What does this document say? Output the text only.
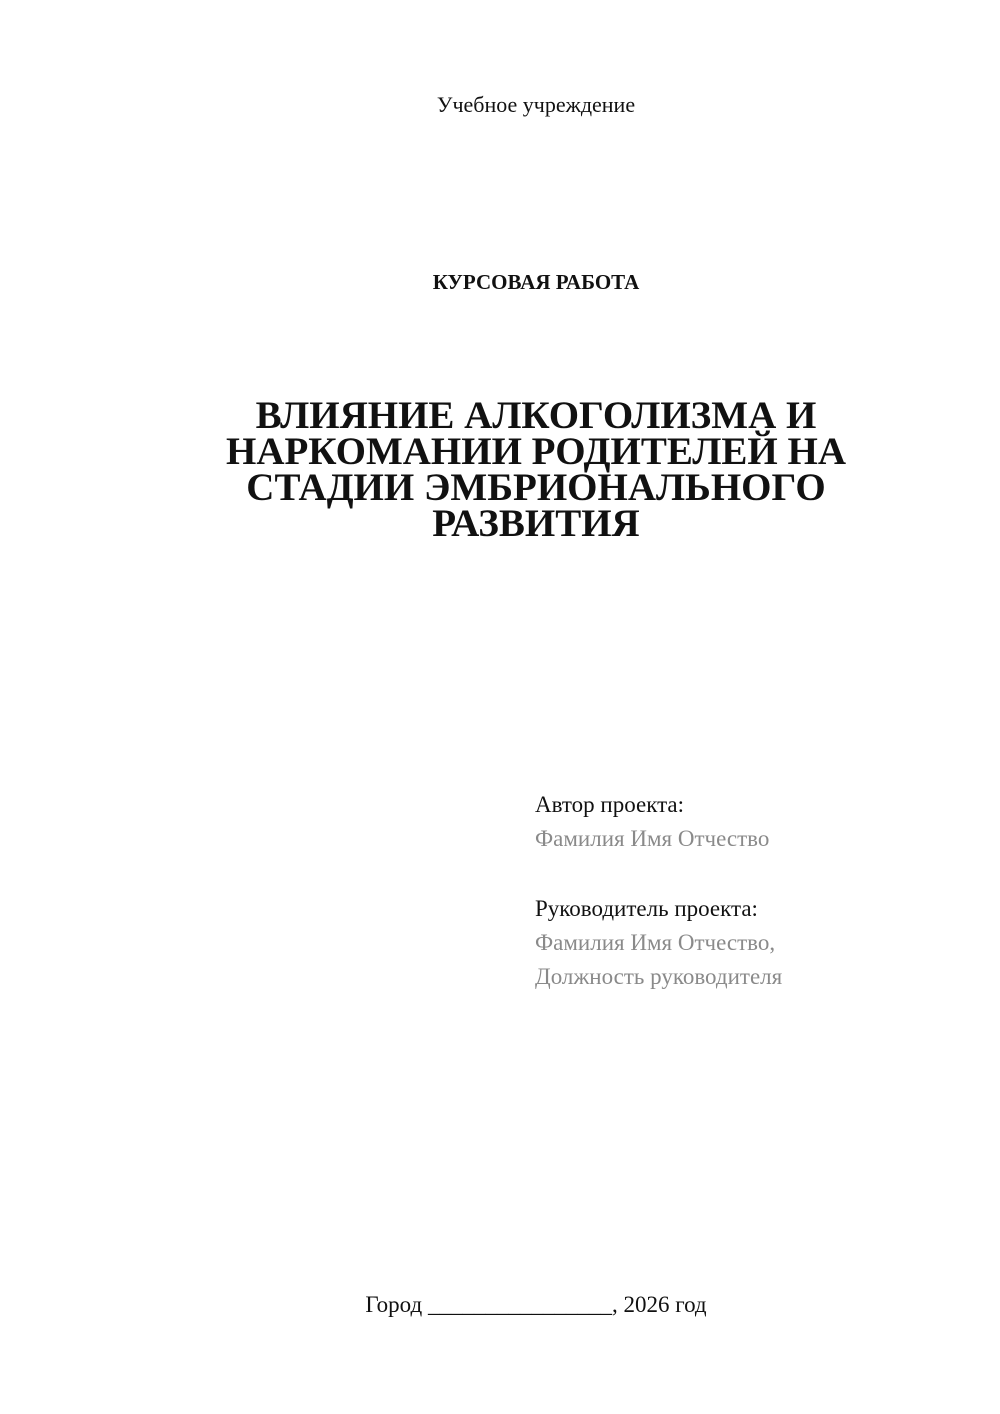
Учебное учреждение
КУРСОВАЯ РАБОТА
ВЛИЯНИЕ АЛКОГОЛИЗМА И
НАРКОМАНИИ РОДИТЕЛЕЙ НА
СТАДИИ ЭМБРИОНАЛЬНОГО
РАЗВИТИЯ
Автор проекта:
Фамилия Имя Отчество
Руководитель проекта:
Фамилия Имя Отчество,
Должность руководителя
Город ________________, 2026 год
